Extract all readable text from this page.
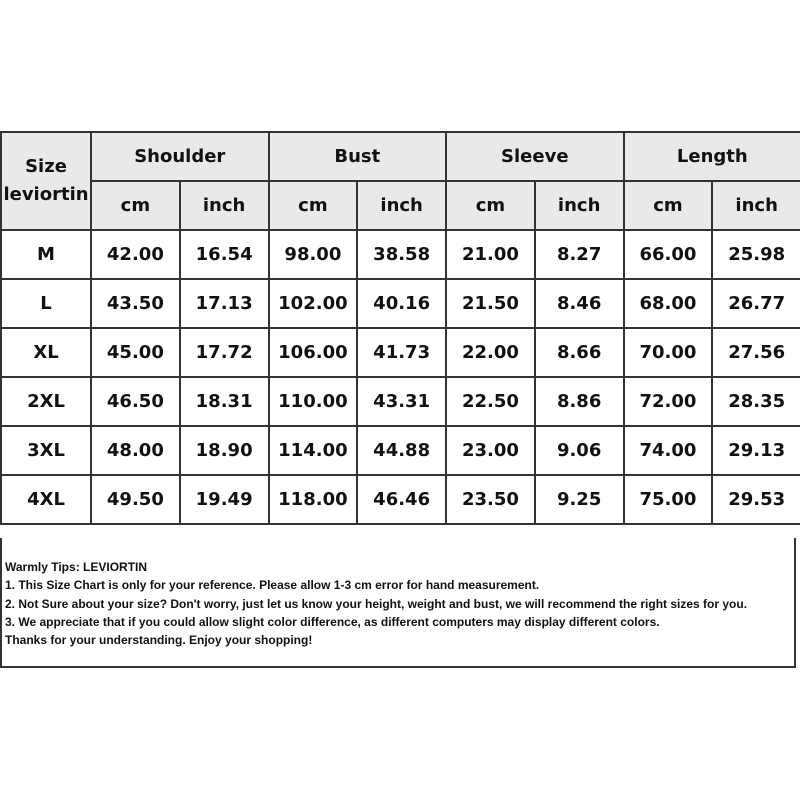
Size
leviortin	Shoulder		Bust		Sleeve		Length	
	cm	inch	cm	inch	cm	inch	cm	inch
M	42.00	16.54	98.00	38.58	21.00	8.27	66.00	25.98
L	43.50	17.13	102.00	40.16	21.50	8.46	68.00	26.77
XL	45.00	17.72	106.00	41.73	22.00	8.66	70.00	27.56
2XL	46.50	18.31	110.00	43.31	22.50	8.86	72.00	28.35
3XL	48.00	18.90	114.00	44.88	23.00	9.06	74.00	29.13
4XL	49.50	19.49	118.00	46.46	23.50	9.25	75.00	29.53
Warmly Tips: LEVIORTIN
1. This Size Chart is only for your reference. Please allow 1-3 cm error for hand measurement.
2. Not Sure about your size? Don't worry, just let us know your height, weight and bust, we will recommend the right sizes for you.
3. We appreciate that if you could allow slight color difference, as different computers may display different colors.
Thanks for your understanding. Enjoy your shopping!
